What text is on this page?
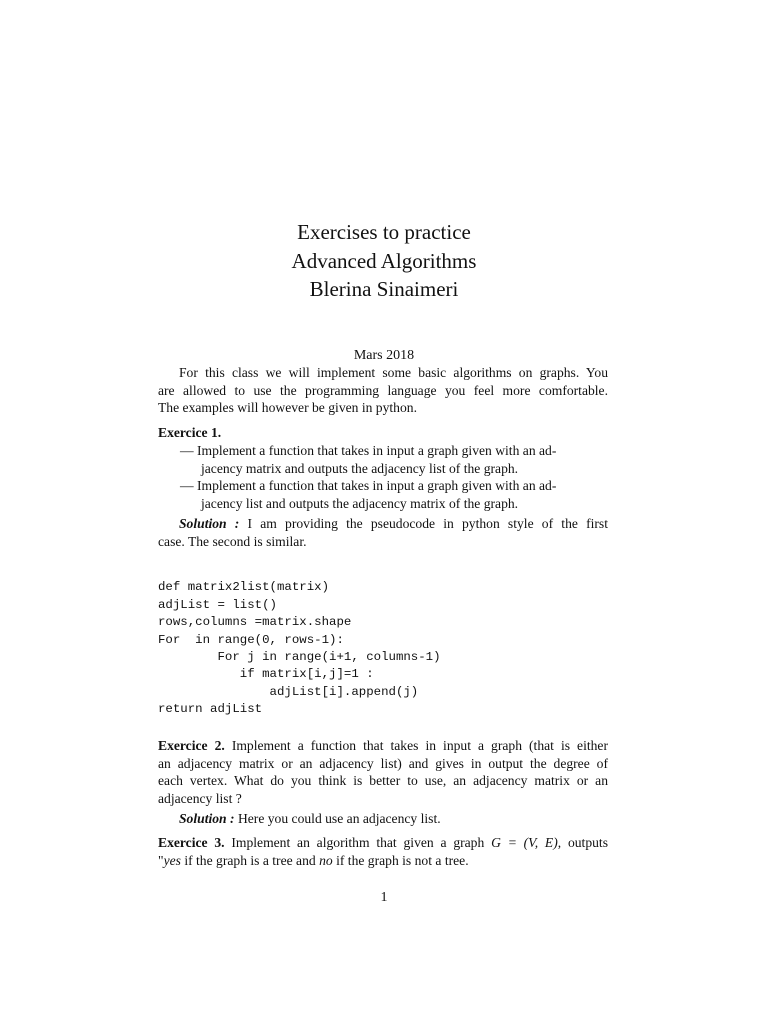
Exercises to practice
Advanced Algorithms
Blerina Sinaimeri
Mars 2018
For this class we will implement some basic algorithms on graphs. You
are allowed to use the programming language you feel more comfortable.
The examples will however be given in python.
Exercice 1.
— Implement a function that takes in input a graph given with an ad-
jacency matrix and outputs the adjacency list of the graph.
— Implement a function that takes in input a graph given with an ad-
jacency list and outputs the adjacency matrix of the graph.
Solution : I am providing the pseudocode in python style of the first
case. The second is similar.

def matrix2list(matrix)
adjList = list()
rows,columns =matrix.shape
For  in range(0, rows-1):
For j in range(i+1, columns-1)
if matrix[i,j]=1 :
adjList[i].append(j)
return adjList
Exercice 2. Implement a function that takes in input a graph (that is either
an adjacency matrix or an adjacency list) and gives in output the degree of
each vertex. What do you think is better to use, an adjacency matrix or an
adjacency list ?
Solution : Here you could use an adjacency list.
Exercice 3. Implement an algorithm that given a graph G = (V, E), outputs
"yes if the graph is a tree and no if the graph is not a tree.
1
